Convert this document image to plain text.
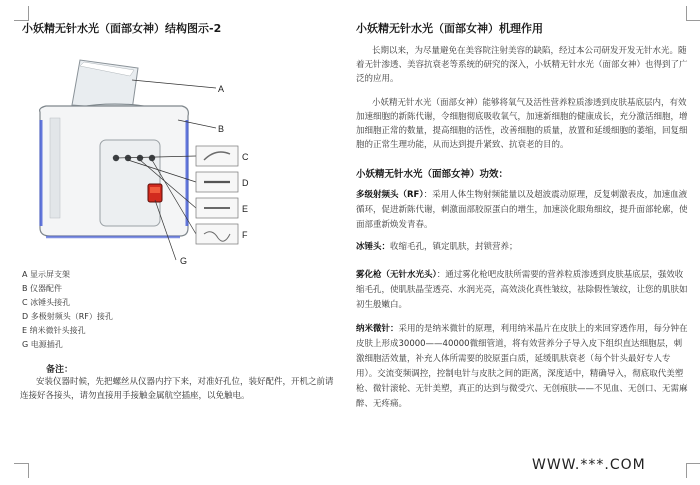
小妖精无针水光（面部女神）结构图示-2
A
B
C
D
E
F
G
A 显示屏支架
B 仪器配件
C 冰锤头接孔
D 多极射频头（RF）接孔
E 纳米微针头接孔
G 电源插孔
备注：
安装仪器时候，先把螺丝从仪器内拧下来，对准好孔位，装好配件，开机之前请连接好各接头，请勿直接用手接触金属航空插座，以免触电。
小妖精无针水光（面部女神）机理作用

长期以来，为尽量避免在美容院注射美容的缺陷，经过本公司研发开发无针水光。随着无针渗透、美容抗衰老等系统的研究的深入，小妖精无针水光（面部女神）也得到了广泛的应用。

小妖精无针水光（面部女神）能够将氧气及活性营养粒质渗透到皮肤基底层内，有效加速细胞的新陈代谢，令细胞彻底吸收氧气，加速新细胞的健康成长，充分激活细胞，增加细胞正常的数量，提高细胞的活性，改善细胞的质量，放置和延缓细胞的萎缩，回复细胞的正常生理功能，从而达到提升紧致、抗衰老的目的。

小妖精无针水光（面部女神）功效：
多级射频头（RF）：采用人体生物射频能量以及超波震动原理，反复刺激表皮，加速血液循环，促进新陈代谢，刺激面部胶原蛋白的增生，加速淡化眼角细纹，提升面部轮廓，使面部重新焕发青春。
冰锤头：收缩毛孔，镇定肌肤，封锁营养；
雾化枪（无针水光头）：通过雾化枪吧皮肤所需要的营养粒质渗透到皮肤基底层，强效收缩毛孔，使肌肤晶莹透亮、水润光亮，高效淡化真性皱纹，祛除假性皱纹，让您的肌肤如初生般嫩白。
纳米微针：采用的是纳米微针的原理，利用纳米晶片在皮肤上的来回穿透作用，每分钟在皮肤上形成30000——40000微细管道，将有效营养分子导入皮下组织直达细胞层，刺激细胞活效量，补充人体所需要的胶原蛋白质，延缓肌肤衰老（每个针头最好专人专用）。交流变频调控，控制电针与皮肤之间的距离，深度适中，精确导入，彻底取代美塑枪、微针滚轮、无针美塑，真正的达到与微受穴、无创痕肤——不见血、无创口、无需麻醉、无疼痛。
WWW.***.COM
